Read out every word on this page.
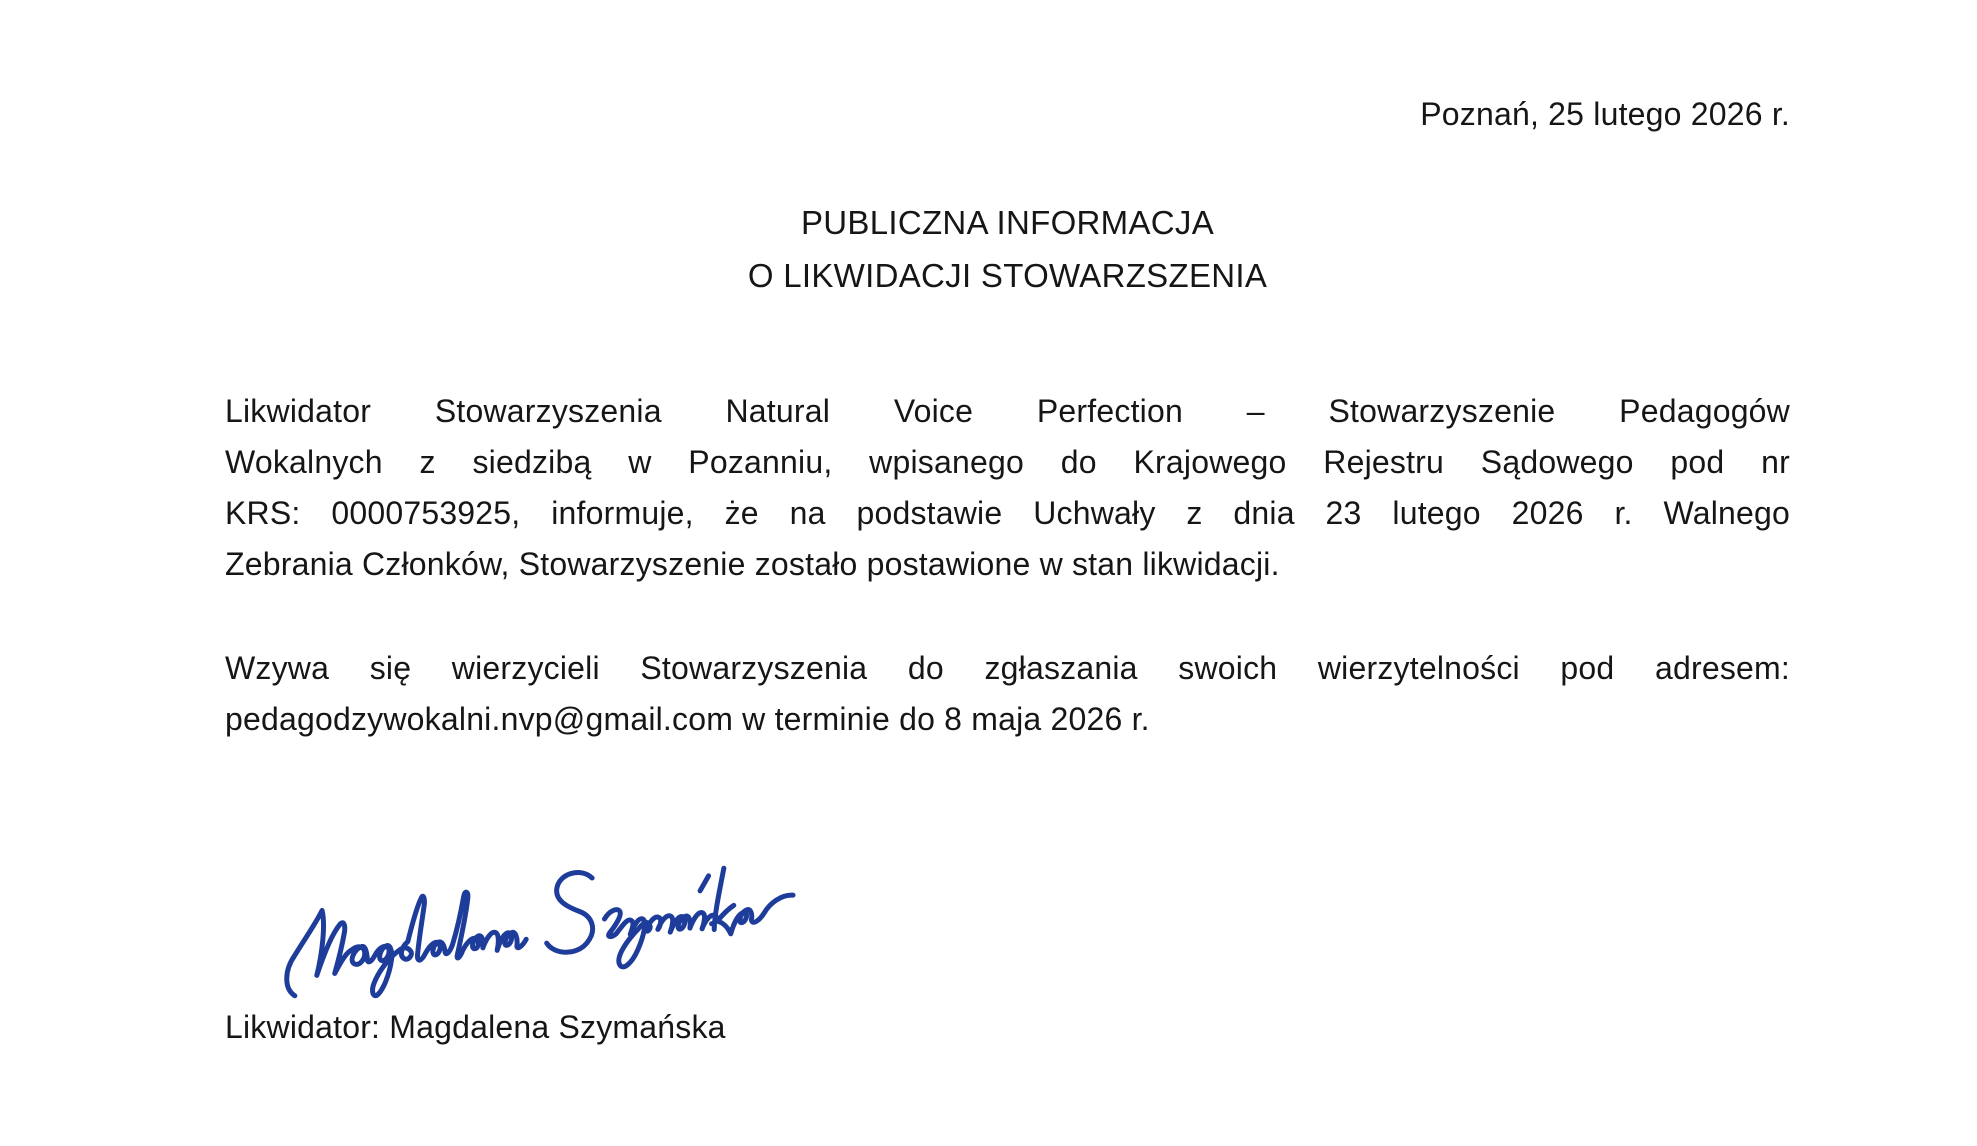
Poznań, 25 lutego 2026 r.
PUBLICZNA INFORMACJA
O LIKWIDACJI STOWARZSZENIA
Likwidator Stowarzyszenia Natural Voice Perfection – Stowarzyszenie Pedagogów
Wokalnych z siedzibą w Pozanniu, wpisanego do Krajowego Rejestru Sądowego pod nr
KRS: 0000753925, informuje, że na podstawie Uchwały z dnia 23 lutego 2026 r. Walnego
Zebrania Członków, Stowarzyszenie zostało postawione w stan likwidacji.
Wzywa się wierzycieli Stowarzyszenia do zgłaszania swoich wierzytelności pod adresem:
pedagodzywokalni.nvp@gmail.com w terminie do 8 maja 2026 r.
Likwidator: Magdalena Szymańska
